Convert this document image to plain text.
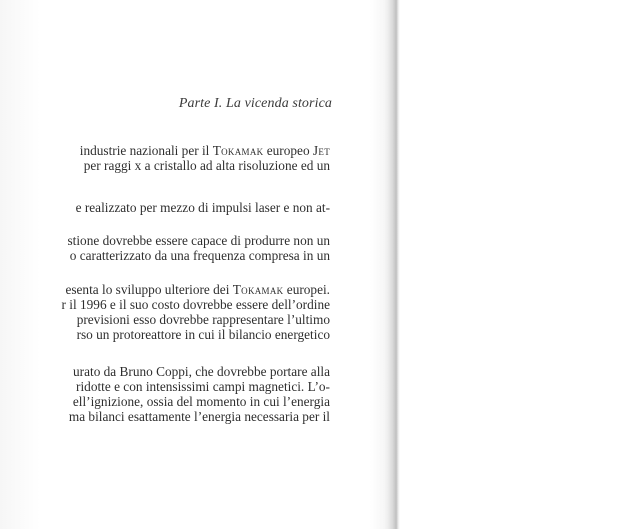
Parte I. La vicenda storica

industrie nazionali per il Tokamak europeo Jet

per raggi x a cristallo ad alta risoluzione ed un

e realizzato per mezzo di impulsi laser e non at-

stione dovrebbe essere capace di produrre non un

o caratterizzato da una frequenza compresa in un

esenta lo sviluppo ulteriore dei Tokamak europei.

r il 1996 e il suo costo dovrebbe essere dell’ordine

previsioni esso dovrebbe rappresentare l’ultimo

rso un protoreattore in cui il bilancio energetico

urato da Bruno Coppi, che dovrebbe portare alla

ridotte e con intensissimi campi magnetici. L’o-

ell’ignizione, ossia del momento in cui l’energia

ma bilanci esattamente l’energia necessaria per il
